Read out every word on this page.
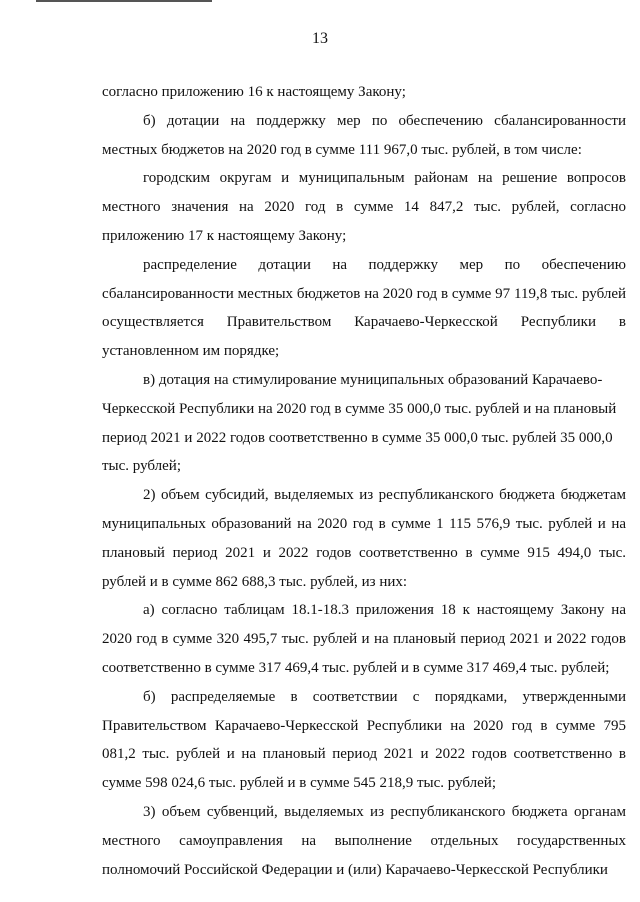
13

согласно приложению 16 к настоящему Закону;

б) дотации на поддержку мер по обеспечению сбалансированности местных бюджетов на 2020 год в сумме 111 967,0 тыс. рублей, в том числе:

городским округам и муниципальным районам на решение вопросов местного значения на 2020 год в сумме 14 847,2 тыс. рублей, согласно приложению 17 к настоящему Закону;

распределение дотации на поддержку мер по обеспечению сбалансированности местных бюджетов на 2020 год в сумме 97 119,8 тыс. рублей осуществляется Правительством Карачаево-Черкесской Республики в установленном им порядке;

в) дотация на стимулирование муниципальных образований Карачаево-Черкесской Республики на 2020 год в сумме 35 000,0 тыс. рублей и на плановый период 2021 и 2022 годов соответственно в сумме 35 000,0 тыс. рублей 35 000,0 тыс. рублей;

2) объем субсидий, выделяемых из республиканского бюджета бюджетам муниципальных образований на 2020 год в сумме 1 115 576,9 тыс. рублей и на плановый период 2021 и 2022 годов соответственно в сумме 915 494,0 тыс. рублей и в сумме 862 688,3 тыс. рублей, из них:

а) согласно таблицам 18.1-18.3 приложения 18 к настоящему Закону на 2020 год в сумме 320 495,7 тыс. рублей и на плановый период 2021 и 2022 годов соответственно в сумме 317 469,4 тыс. рублей и в сумме 317 469,4 тыс. рублей;

б) распределяемые в соответствии с порядками, утвержденными Правительством Карачаево-Черкесской Республики на 2020 год в сумме 795 081,2 тыс. рублей и на плановый период 2021 и 2022 годов соответственно в сумме 598 024,6 тыс. рублей и в сумме 545 218,9 тыс. рублей;

3) объем субвенций, выделяемых из республиканского бюджета органам местного самоуправления на выполнение отдельных государственных полномочий Российской Федерации и (или) Карачаево-Черкесской Республики
